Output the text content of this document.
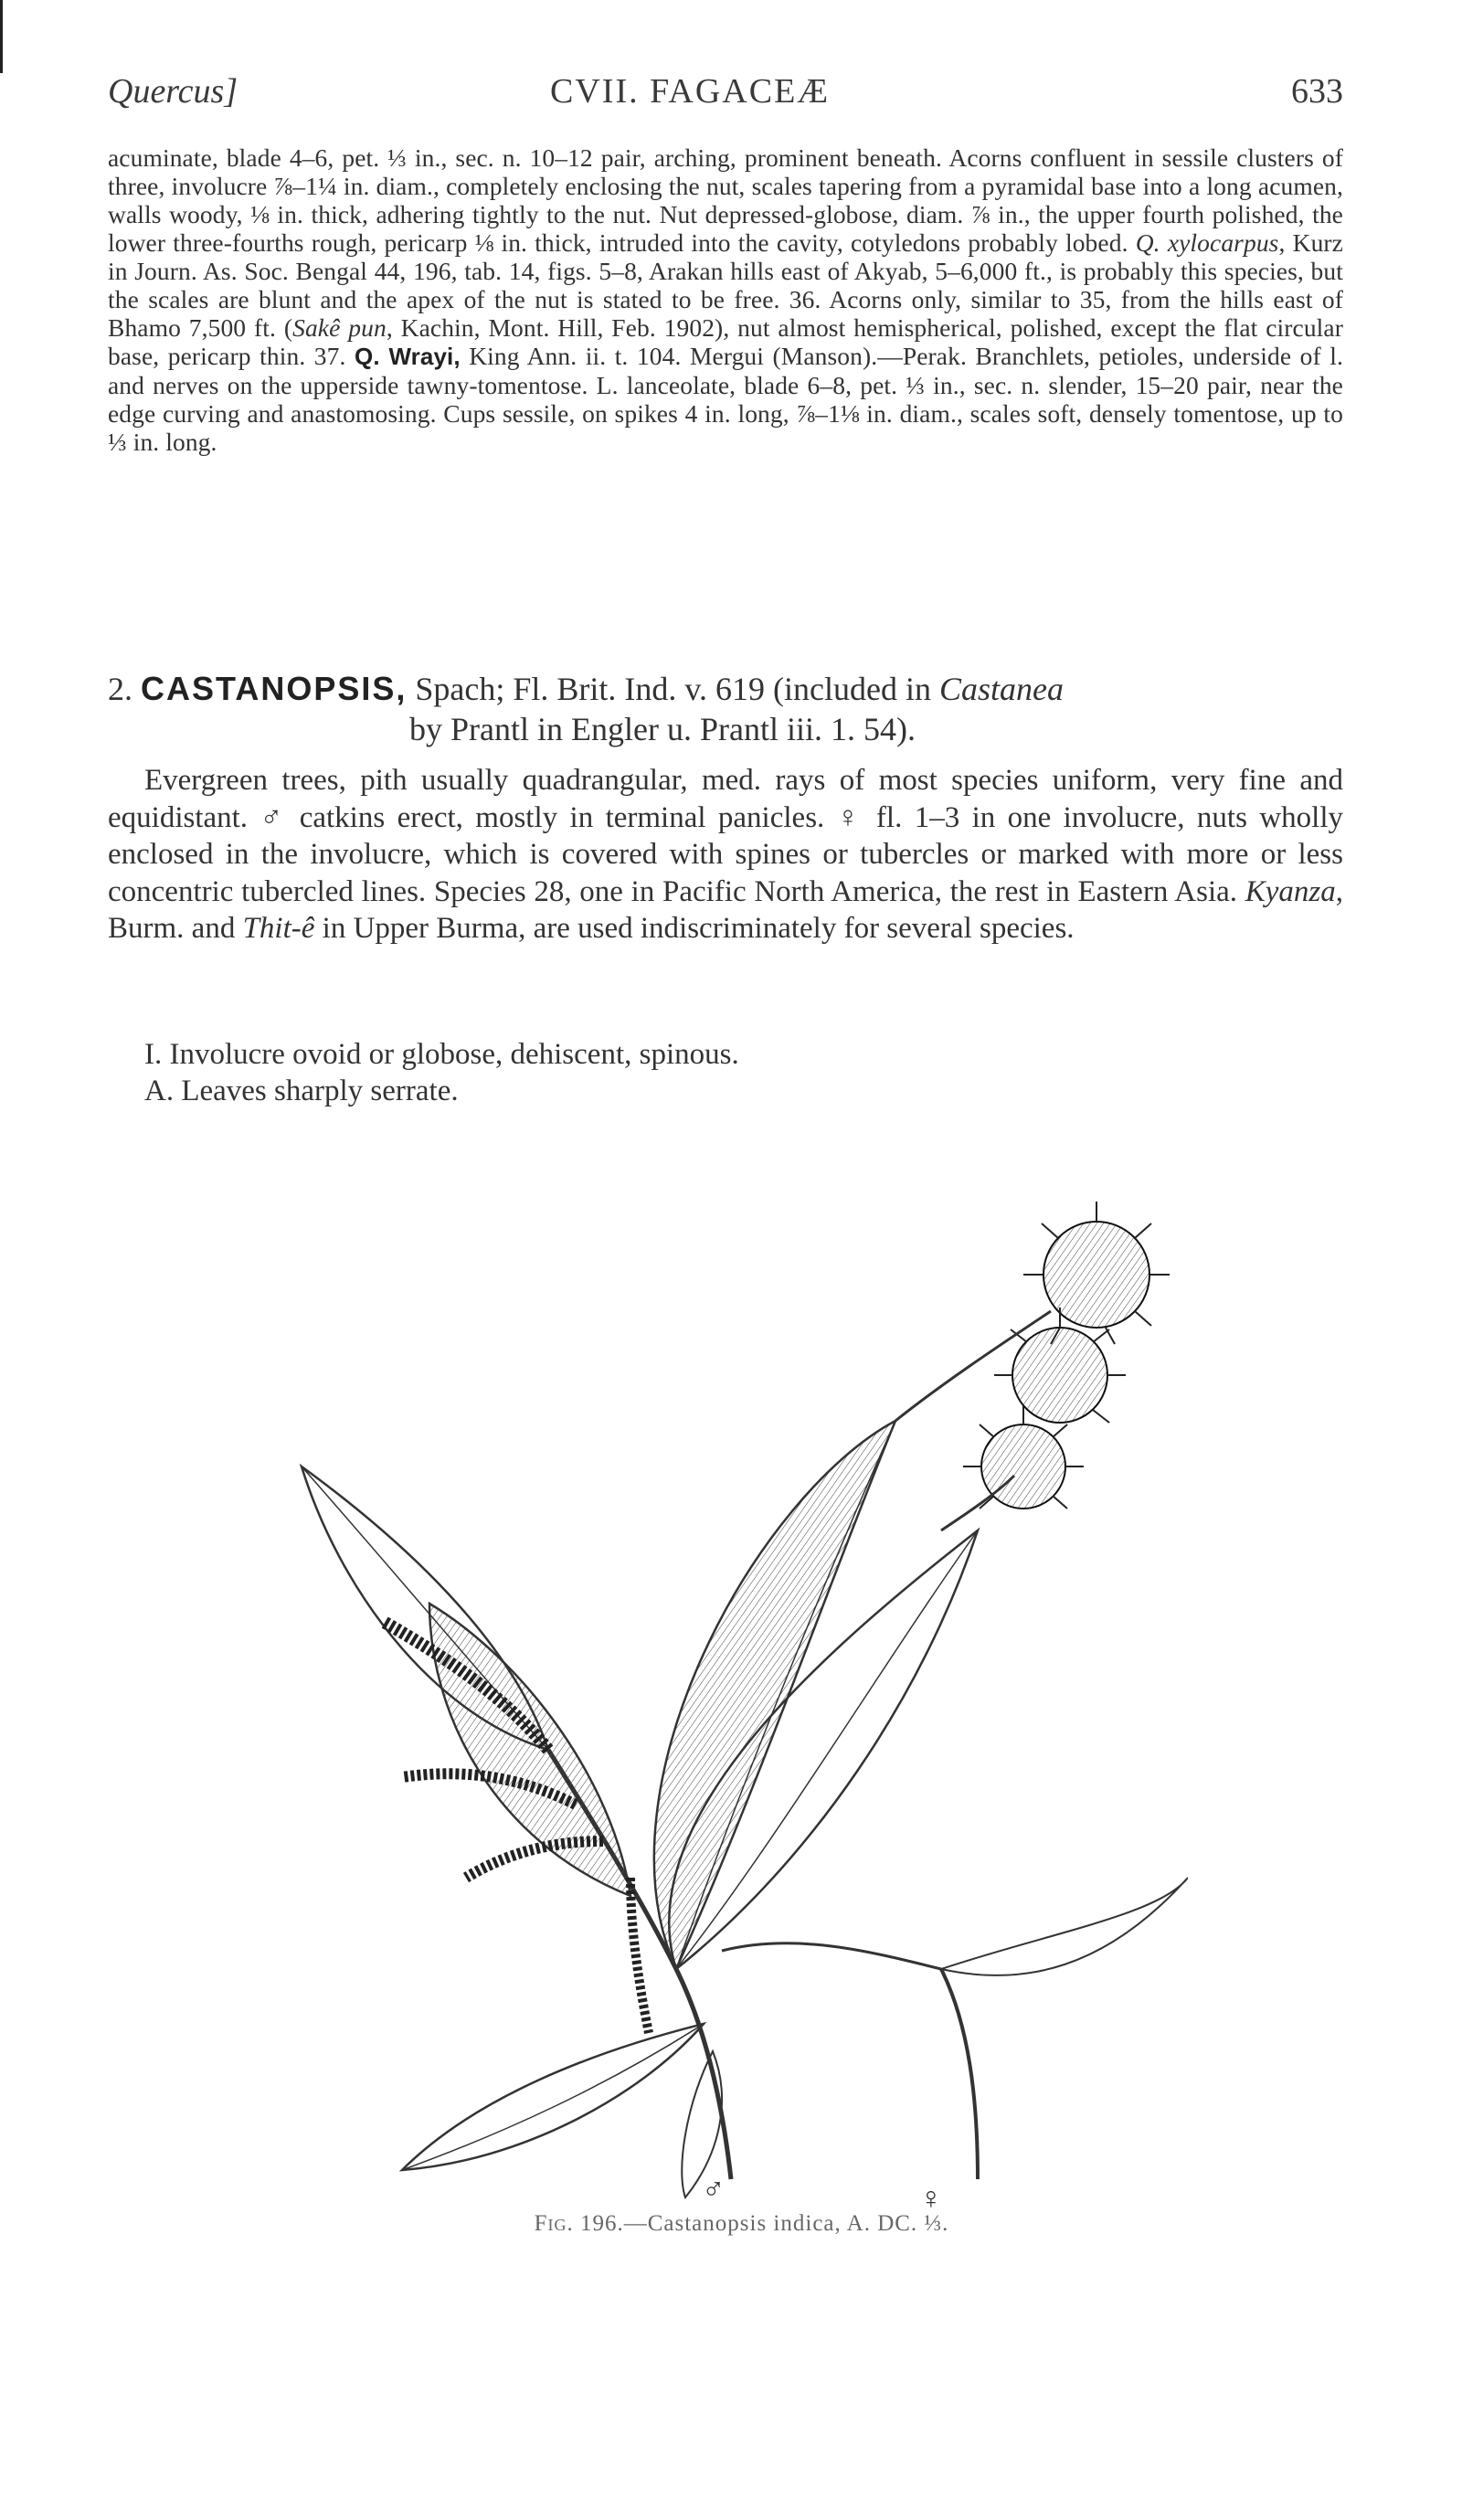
Quercus]	CVII. FAGACEÆ	633
acuminate, blade 4–6, pet. ⅓ in., sec. n. 10–12 pair, arching, prominent beneath. Acorns confluent in sessile clusters of three, involucre ⅞–1¼ in. diam., completely enclosing the nut, scales tapering from a pyramidal base into a long acumen, walls woody, ⅛ in. thick, adhering tightly to the nut. Nut depressed-globose, diam. ⅞ in., the upper fourth polished, the lower three-fourths rough, pericarp ⅛ in. thick, intruded into the cavity, cotyledons probably lobed. Q. xylocarpus, Kurz in Journ. As. Soc. Bengal 44, 196, tab. 14, figs. 5–8, Arakan hills east of Akyab, 5–6,000 ft., is probably this species, but the scales are blunt and the apex of the nut is stated to be free. 36. Acorns only, similar to 35, from the hills east of Bhamo 7,500 ft. (Sakê pun, Kachin, Mont. Hill, Feb. 1902), nut almost hemispherical, polished, except the flat circular base, pericarp thin. 37. Q. Wrayi, King Ann. ii. t. 104. Mergui (Manson).—Perak. Branchlets, petioles, underside of l. and nerves on the upperside tawny-tomentose. L. lanceolate, blade 6–8, pet. ⅓ in., sec. n. slender, 15–20 pair, near the edge curving and anastomosing. Cups sessile, on spikes 4 in. long, ⅞–1⅛ in. diam., scales soft, densely tomentose, up to ⅓ in. long.
2. CASTANOPSIS, Spach; Fl. Brit. Ind. v. 619 (included in Castanea
by Prantl in Engler u. Prantl iii. 1. 54).
Evergreen trees, pith usually quadrangular, med. rays of most species uniform, very fine and equidistant. ♂ catkins erect, mostly in terminal panicles. ♀ fl. 1–3 in one involucre, nuts wholly enclosed in the involucre, which is covered with spines or tubercles or marked with more or less concentric tubercled lines. Species 28, one in Pacific North America, the rest in Eastern Asia. Kyanza, Burm. and Thit-ê in Upper Burma, are used indiscriminately for several species.
I. Involucre ovoid or globose, dehiscent, spinous.
A. Leaves sharply serrate.
♂	♀
Fig. 196.—Castanopsis indica, A. DC. ⅓.
